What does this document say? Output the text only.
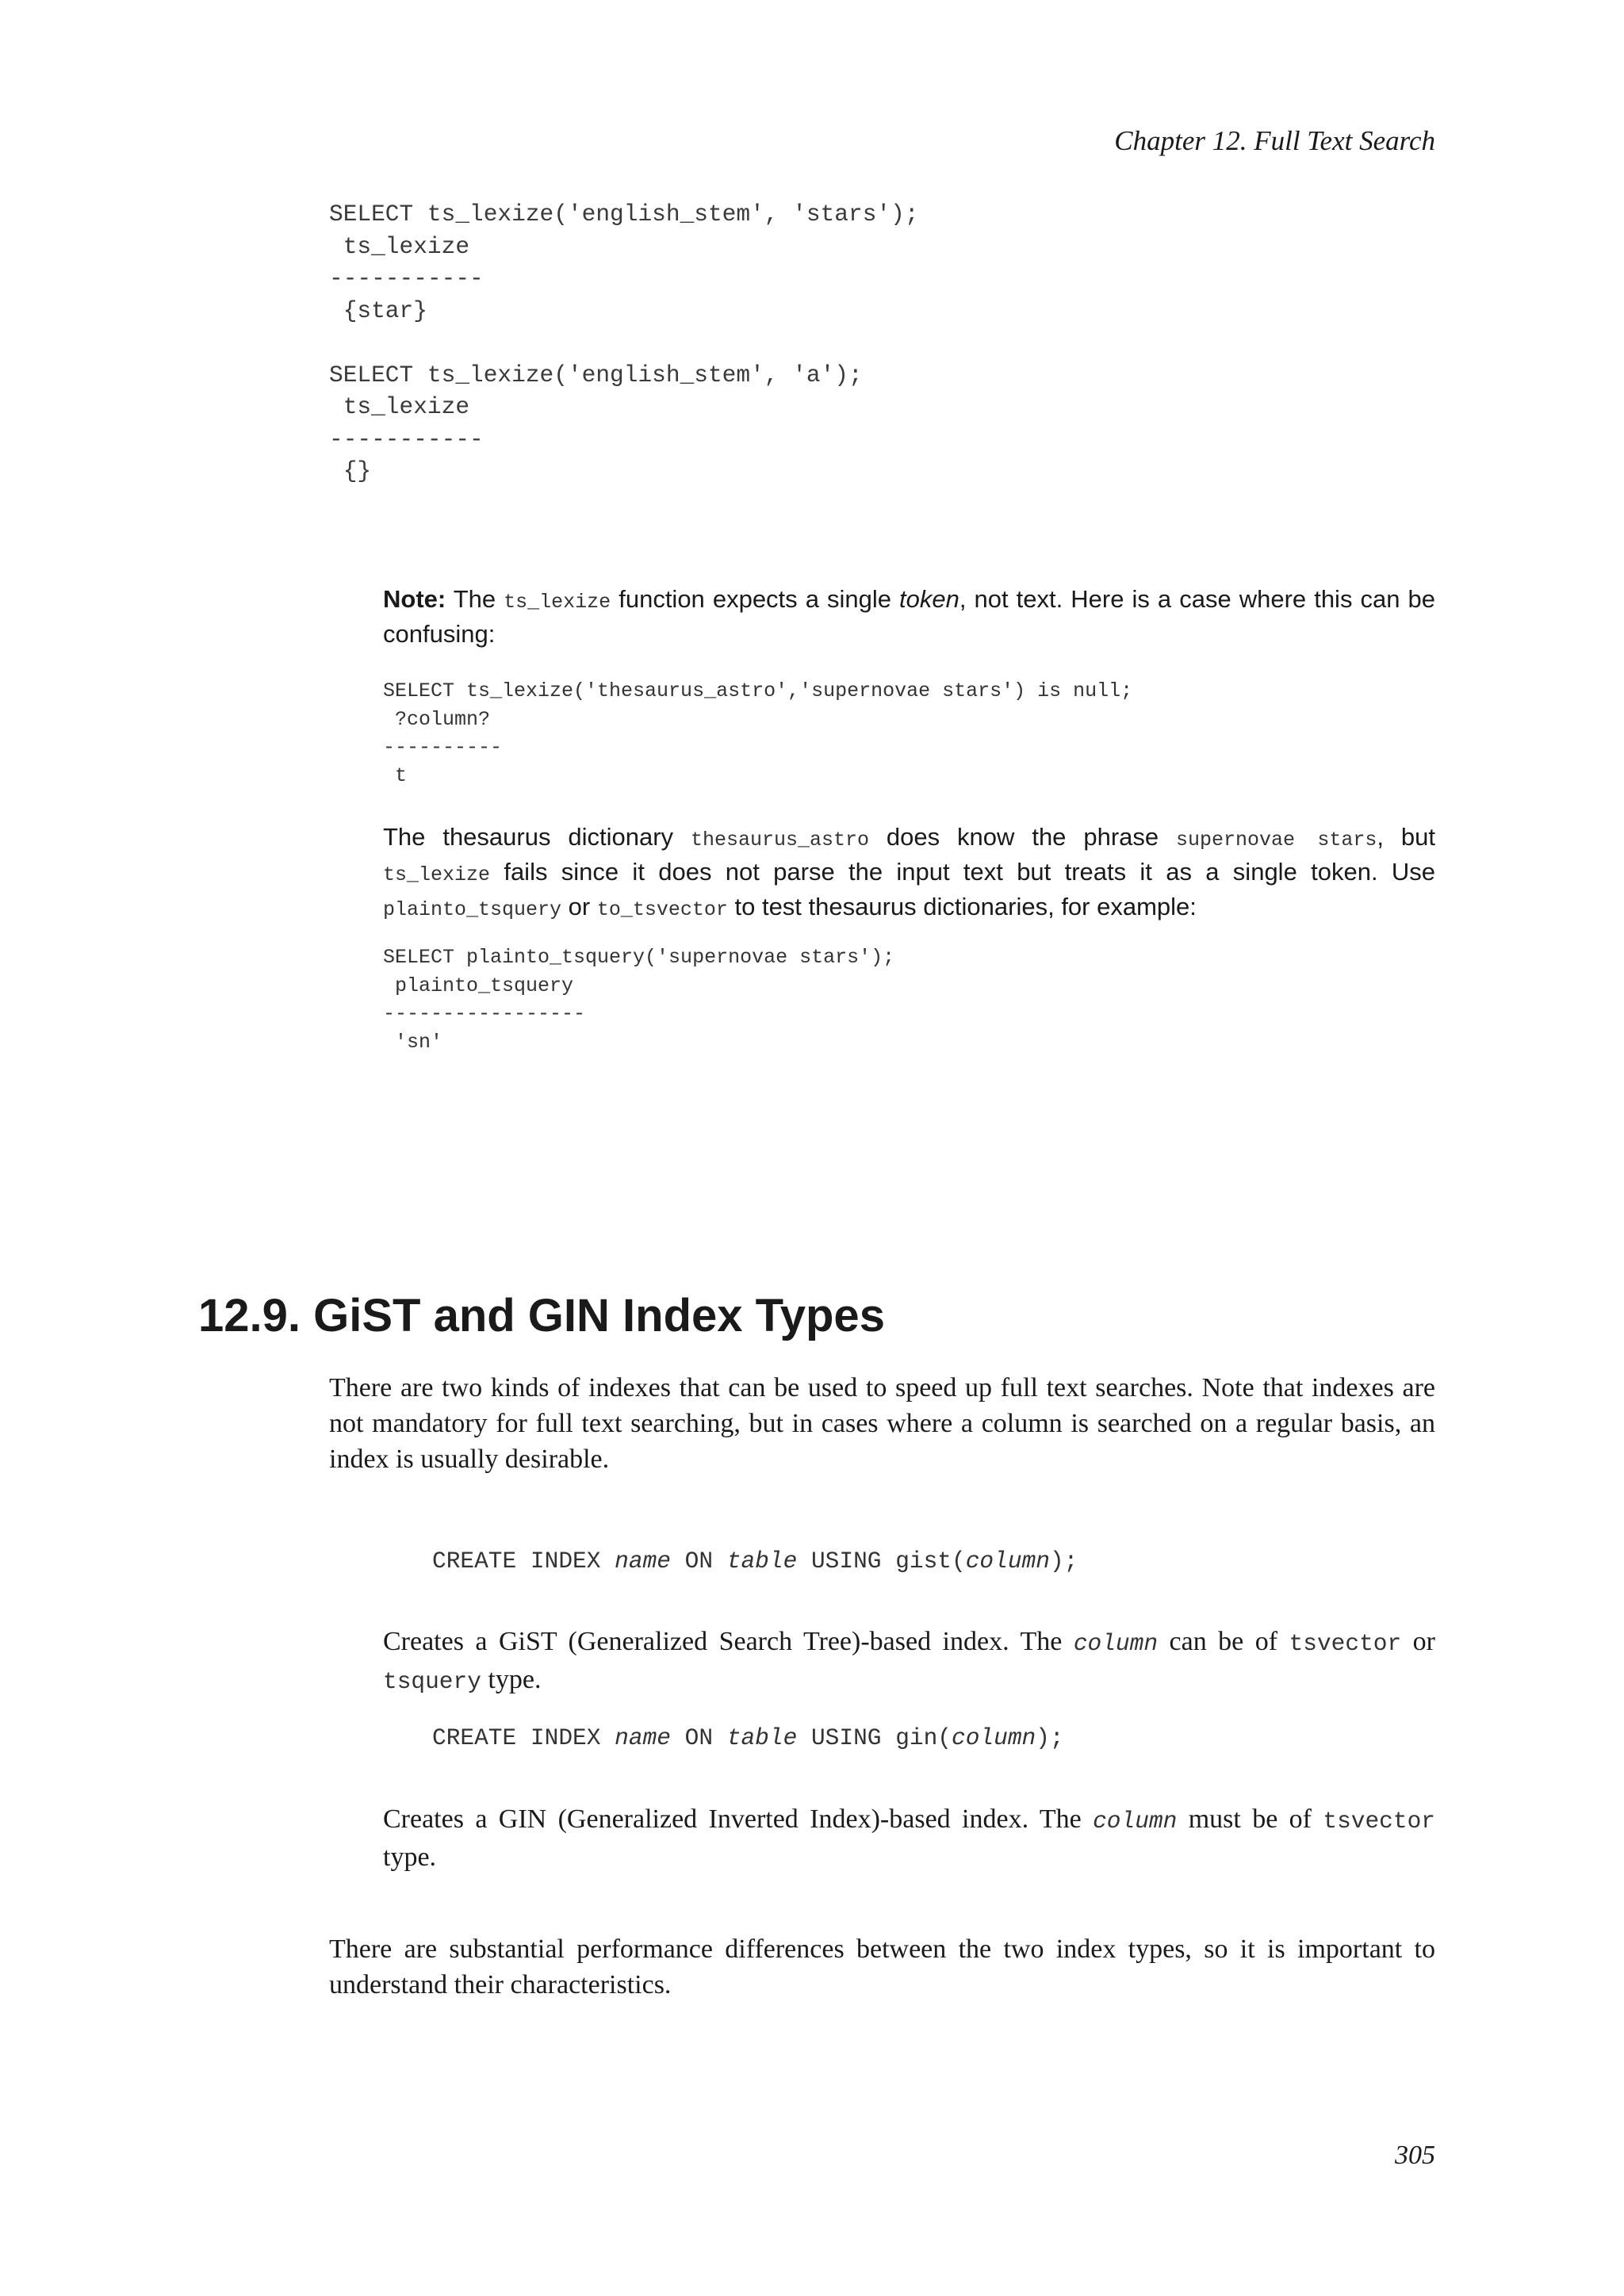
Chapter 12. Full Text Search
SELECT ts_lexize('english_stem', 'stars');
ts_lexize
-----------
{star}

SELECT ts_lexize('english_stem', 'a');
ts_lexize
-----------
{}

Note: The ts_lexize function expects a single token, not text. Here is a case where this can be confusing:

SELECT ts_lexize('thesaurus_astro','supernovae stars') is null;
?column?
----------
t

The thesaurus dictionary thesaurus_astro does know the phrase supernovae stars, but ts_lexize fails since it does not parse the input text but treats it as a single token. Use plainto_tsquery or to_tsvector to test thesaurus dictionaries, for example:

SELECT plainto_tsquery('supernovae stars');
plainto_tsquery
-----------------
'sn'
12.9. GiST and GIN Index Types

There are two kinds of indexes that can be used to speed up full text searches. Note that indexes are not mandatory for full text searching, but in cases where a column is searched on a regular basis, an index is usually desirable.

CREATE INDEX name ON table USING gist(column);

Creates a GiST (Generalized Search Tree)-based index. The column can be of tsvector or tsquery type.

CREATE INDEX name ON table USING gin(column);

Creates a GIN (Generalized Inverted Index)-based index. The column must be of tsvector type.

There are substantial performance differences between the two index types, so it is important to understand their characteristics.

305
